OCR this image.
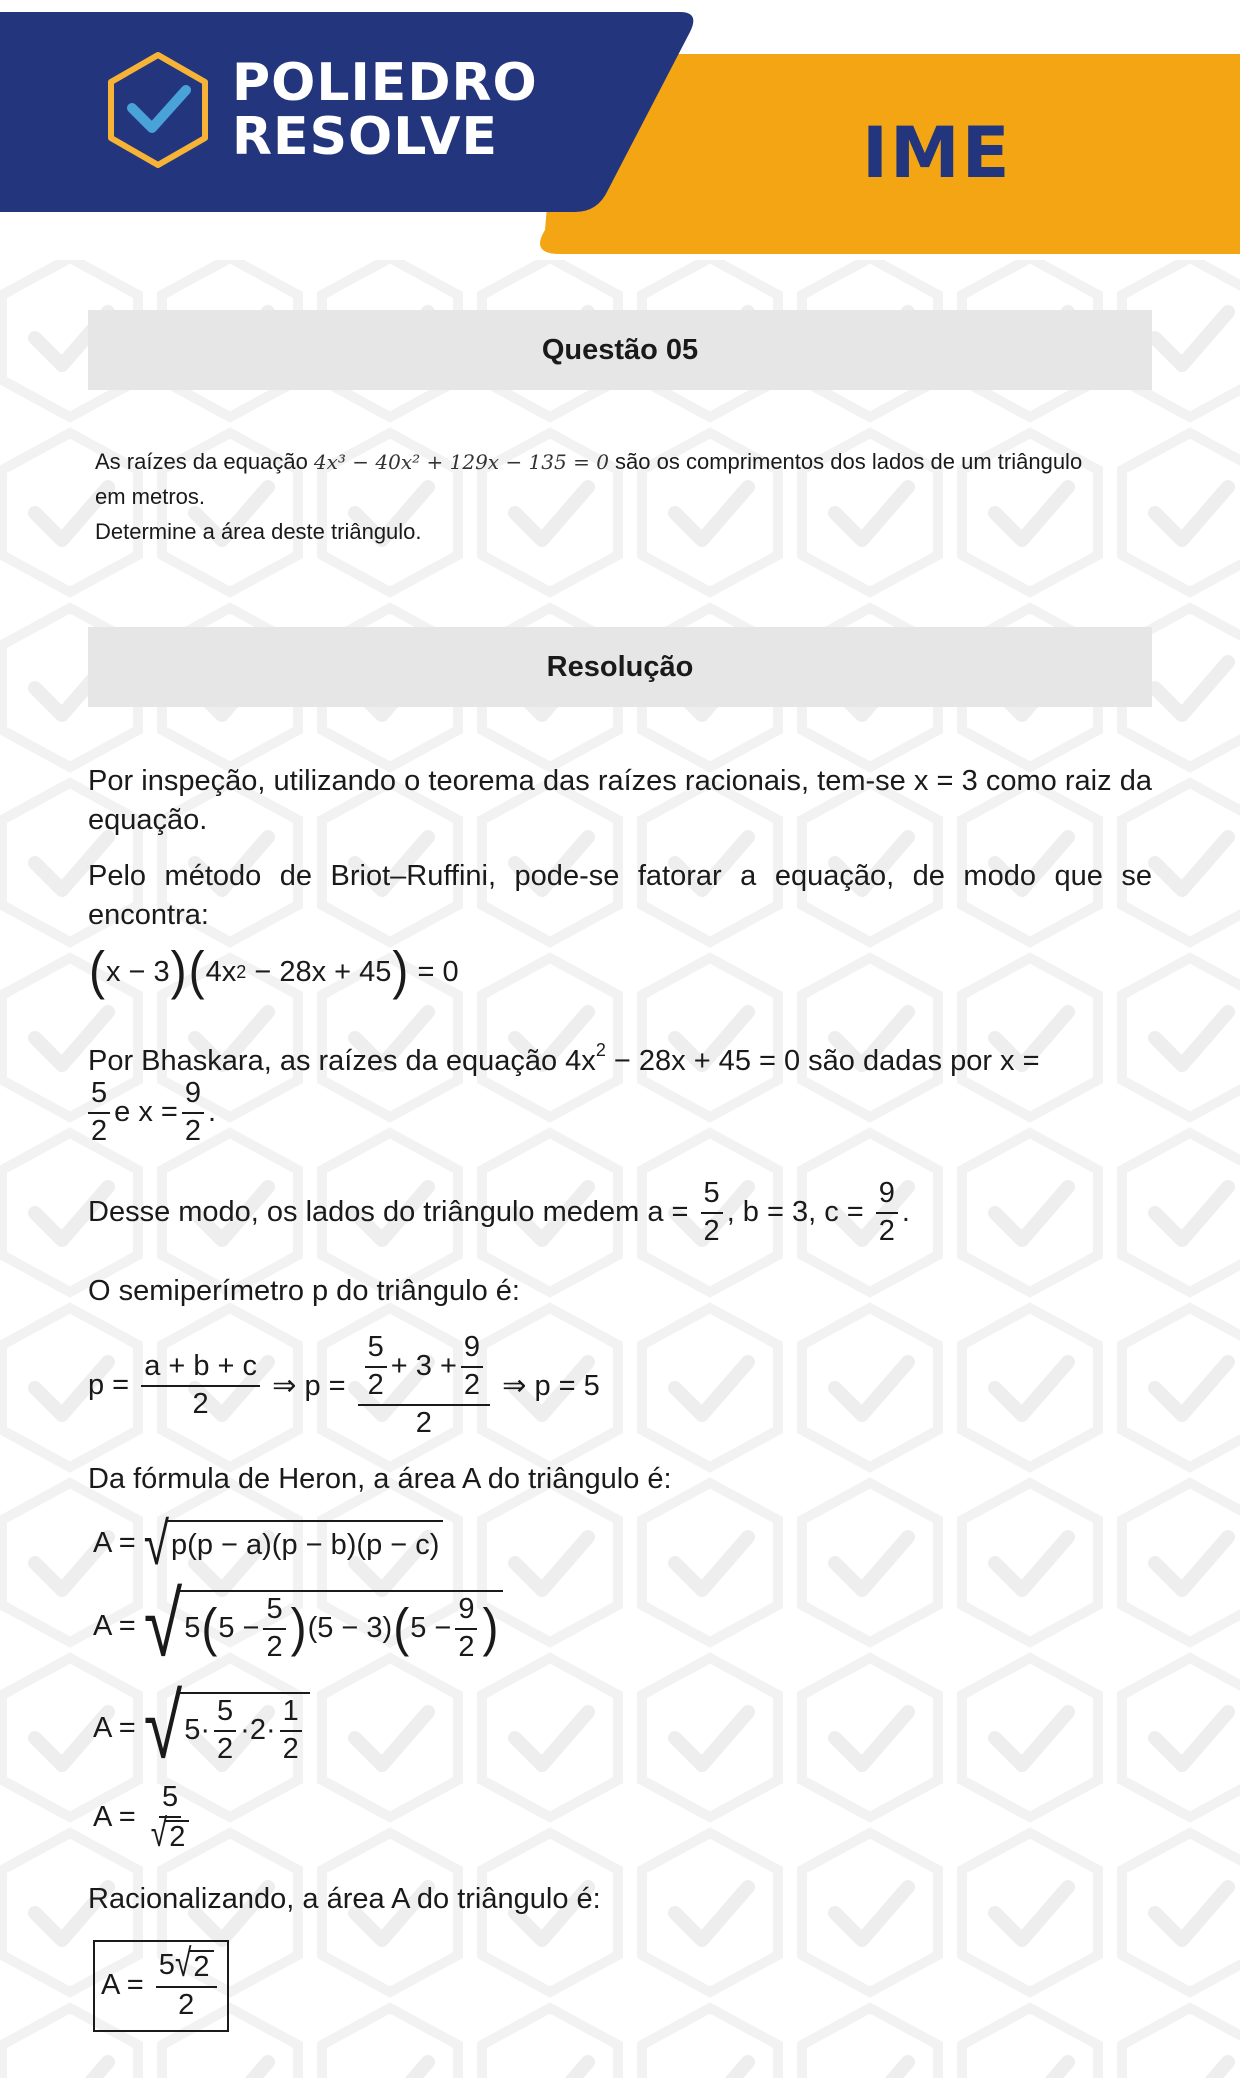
POLIEDRO
RESOLVE	IME
Questão 05
As raízes da equação 4x³ − 40x² + 129x − 135 = 0 são os comprimentos dos lados de um triângulo
em metros.
Determine a área deste triângulo.
Resolução
Por inspeção, utilizando o teorema das raízes racionais, tem-se x = 3 como raiz da equação.
Pelo método de Briot–Ruffini, pode-se fatorar a equação, de modo que se encontra:
( x − 3 ) ( 4x 2 − 28x + 45 ) = 0
Por Bhaskara, as raízes da equação $4x^2 - 28x + 45 = 0$ são dadas por x =
$\frac{5}{2}$ e $x = \frac{9}{2}$ .
Desse modo, os lados do triângulo medem $a = \frac{5}{2}$ , b = 3, $c = \frac{9}{2}$ .
O semiperímetro p do triângulo é:
$p = \frac{a + b + c}{2}$ ⇒ $p = \frac{\frac{5}{2} + 3 + \frac{9}{2}}{2}$ ⇒ p = 5
Da fórmula de Heron, a área A do triângulo é:
A = √ p(p − a)(p − b)(p − c)
A = √ 5 ( $5 - \frac{5}{2}$ ) (5 − 3) ( $5 - \frac{9}{2}$ )
A = √ $5\cdot \frac{5}{2} \cdot 2\cdot \frac{1}{2}$
$A = \frac{5}{√ 2}$
Racionalizando, a área A do triângulo é:
$A = \frac{5 √ 2}{2}$
